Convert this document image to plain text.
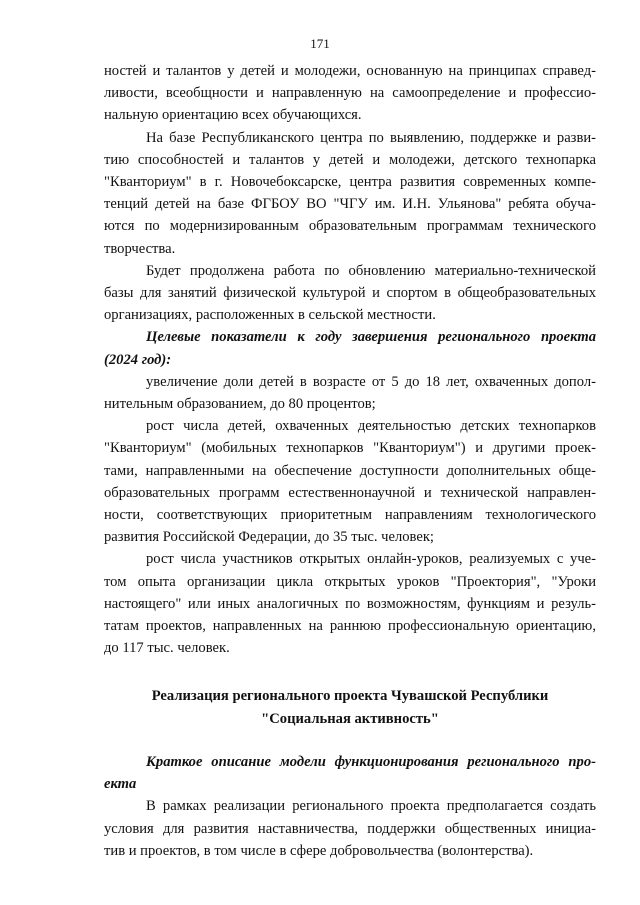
171
ностей и талантов у детей и молодежи, основанную на принципах справед-
ливости, всеобщности и направленную на самоопределение и профессио-
нальную ориентацию всех обучающихся.
На базе Республиканского центра по выявлению, поддержке и разви-
тию способностей и талантов у детей и молодежи, детского технопарка
"Кванториум" в г. Новочебоксарске, центра развития современных компе-
тенций детей на базе ФГБОУ ВО "ЧГУ им. И.Н. Ульянова" ребята обуча-
ются по модернизированным образовательным программам технического
творчества.
Будет продолжена работа по обновлению материально-технической
базы для занятий физической культурой и спортом в общеобразовательных
организациях, расположенных в сельской местности.
Целевые показатели к году завершения регионального проекта
(2024 год):
увеличение доли детей в возрасте от 5 до 18 лет, охваченных допол-
нительным образованием, до 80 процентов;
рост числа детей, охваченных деятельностью детских технопарков
"Кванториум" (мобильных технопарков "Кванториум") и другими проек-
тами, направленными на обеспечение доступности дополнительных обще-
образовательных программ естественнонаучной и технической направлен-
ности, соответствующих приоритетным направлениям технологического
развития Российской Федерации, до 35 тыс. человек;
рост числа участников открытых онлайн-уроков, реализуемых с уче-
том опыта организации цикла открытых уроков "Проектория", "Уроки
настоящего" или иных аналогичных по возможностям, функциям и резуль-
татам проектов, направленных на раннюю профессиональную ориентацию,
до 117 тыс. человек.
Реализация регионального проекта Чувашской Республики
"Социальная активность"
Краткое описание модели функционирования регионального про-
екта
В рамках реализации регионального проекта предполагается создать
условия для развития наставничества, поддержки общественных инициа-
тив и проектов, в том числе в сфере добровольчества (волонтерства).
